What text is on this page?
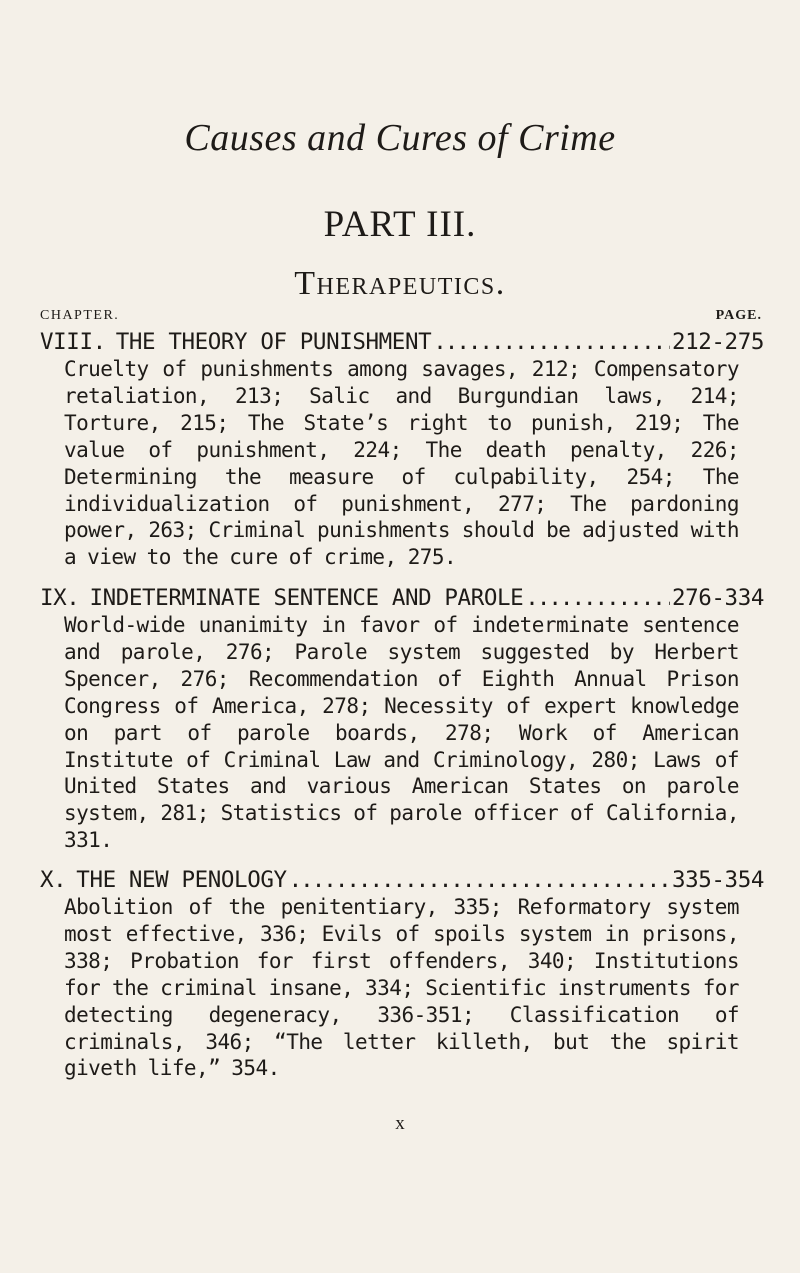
Causes and Cures of Crime
PART III.
Therapeutics.
CHAPTER.	PAGE.
VIII. THE THEORY OF PUNISHMENT .....	212-275
Cruelty of punishments among savages, 212; Compensatory retaliation, 213; Salic and Burgundian laws, 214; Torture, 215; The State’s right to punish, 219; The value of punishment, 224; The death penalty, 226; Determining the measure of culpability, 254; The individualization of punishment, 277; The pardoning power, 263; Criminal punishments should be adjusted with a view to the cure of crime, 275.
IX. INDETERMINATE SENTENCE AND PAROLE .....	276-334
World-wide unanimity in favor of indeterminate sentence and parole, 276; Parole system suggested by Herbert Spencer, 276; Recommendation of Eighth Annual Prison Congress of America, 278; Necessity of expert knowledge on part of parole boards, 278; Work of American Institute of Criminal Law and Criminology, 280; Laws of United States and various American States on parole system, 281; Statistics of parole officer of California, 331.
X. THE NEW PENOLOGY .....	335-354
Abolition of the penitentiary, 335; Reformatory system most effective, 336; Evils of spoils system in prisons, 338; Probation for first offenders, 340; Institutions for the criminal insane, 334; Scientific instruments for detecting degeneracy, 336-351; Classification of criminals, 346; “The letter killeth, but the spirit giveth life,” 354.
x
